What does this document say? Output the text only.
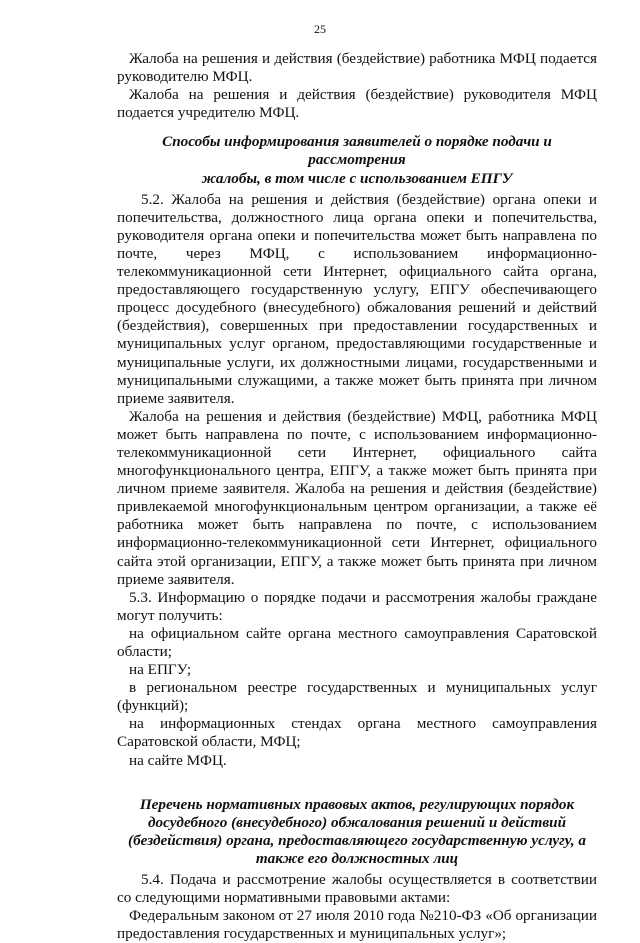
25

Жалоба на решения и действия (бездействие) работника МФЦ подается руководителю МФЦ.

Жалоба на решения и действия (бездействие) руководителя МФЦ подается учредителю МФЦ.

Способы информирования заявителей о порядке подачи и рассмотрения
жалобы, в том числе с использованием ЕПГУ

5.2. Жалоба на решения и действия (бездействие) органа опеки и попечительства, должностного лица органа опеки и попечительства, руководителя органа опеки и попечительства может быть направлена по почте, через МФЦ, с использованием информационно-телекоммуникационной сети Интернет, официального сайта органа, предоставляющего государственную услугу, ЕПГУ обеспечивающего процесс досудебного (внесудебного) обжалования решений и действий (бездействия), совершенных при предоставлении государственных и муниципальных услуг органом, предоставляющими государственные и муниципальные услуги, их должностными лицами, государственными и муниципальными служащими, а также может быть принята при личном приеме заявителя.

Жалоба на решения и действия (бездействие) МФЦ, работника МФЦ может быть направлена по почте, с использованием информационно-телекоммуникационной сети Интернет, официального сайта многофункционального центра, ЕПГУ, а также может быть принята при личном приеме заявителя. Жалоба на решения и действия (бездействие) привлекаемой многофункциональным центром организации, а также её работника может быть направлена по почте, с использованием информационно-телекоммуникационной сети Интернет, официального сайта этой организации, ЕПГУ, а также может быть принята при личном приеме заявителя.

5.3. Информацию о порядке подачи и рассмотрения жалобы граждане могут получить:

на официальном сайте органа местного самоуправления Саратовской области;

на ЕПГУ;

в региональном реестре государственных и муниципальных услуг (функций);

на информационных стендах органа местного самоуправления Саратовской области, МФЦ;

на сайте МФЦ.

Перечень нормативных правовых актов, регулирующих порядок
досудебного (внесудебного) обжалования решений и действий
(бездействия) органа, предоставляющего государственную услугу, а
также его должностных лиц

5.4. Подача и рассмотрение жалобы осуществляется в соответствии со следующими нормативными правовыми актами:

Федеральным законом от 27 июля 2010 года №210-ФЗ «Об организации предоставления государственных и муниципальных услуг»;
